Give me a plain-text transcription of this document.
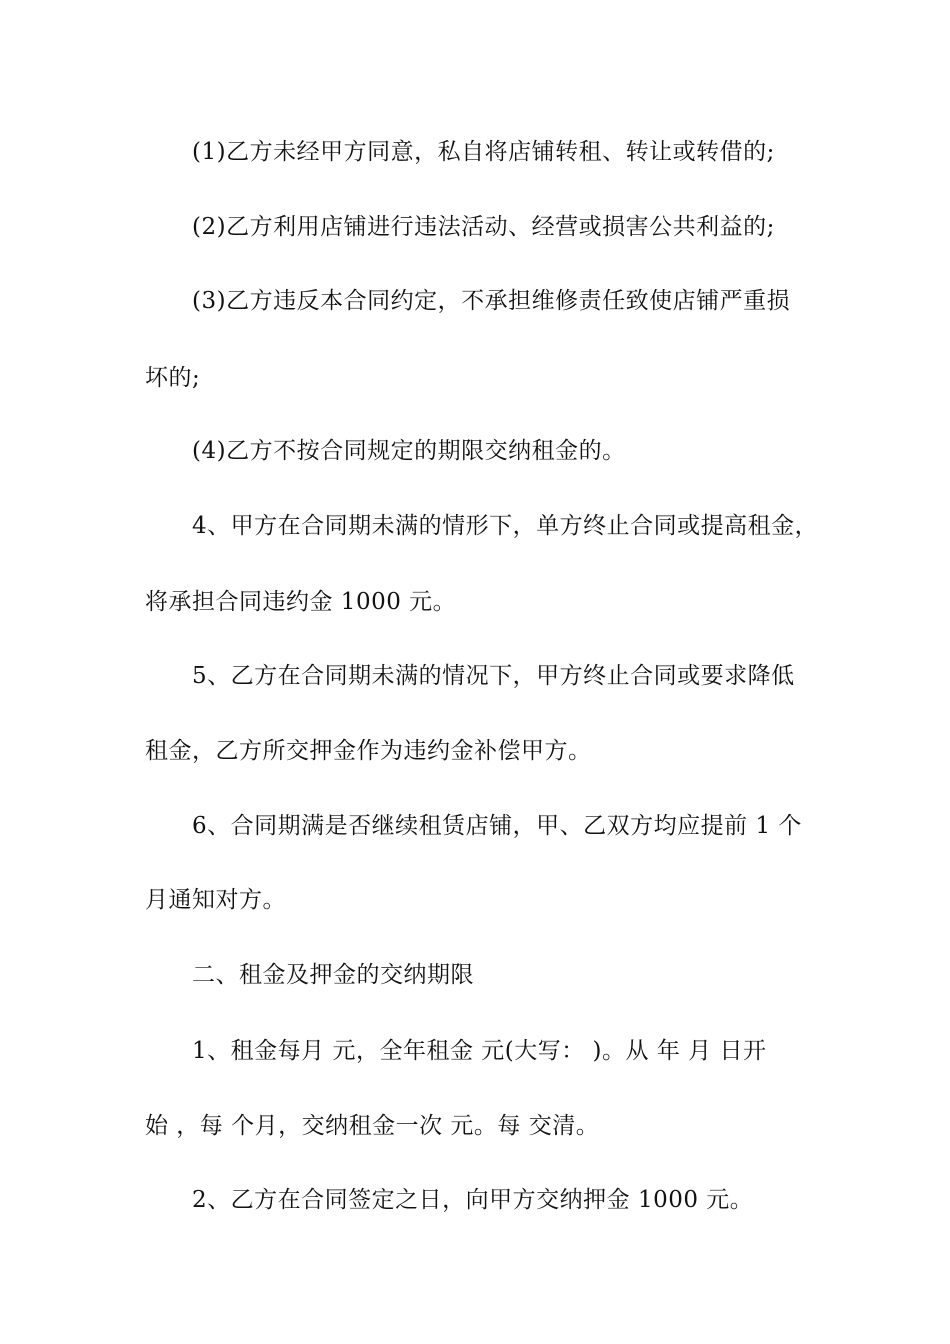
(1)乙方未经甲方同意，私自将店铺转租、转让或转借的;
(2)乙方利用店铺进行违法活动、经营或损害公共利益的;
(3)乙方违反本合同约定，不承担维修责任致使店铺严重损
坏的;
(4)乙方不按合同规定的期限交纳租金的。
4、甲方在合同期未满的情形下，单方终止合同或提高租金，
将承担合同违约金 1000 元。
5、乙方在合同期未满的情况下，甲方终止合同或要求降低
租金，乙方所交押金作为违约金补偿甲方。
6、合同期满是否继续租赁店铺，甲、乙双方均应提前 1 个
月通知对方。
二、租金及押金的交纳期限
1、租金每月 元，全年租金 元(大写： )。从 年 月 日开
始 ，每 个月，交纳租金一次 元。每 交清。
2、乙方在合同签定之日，向甲方交纳押金 1000 元。
